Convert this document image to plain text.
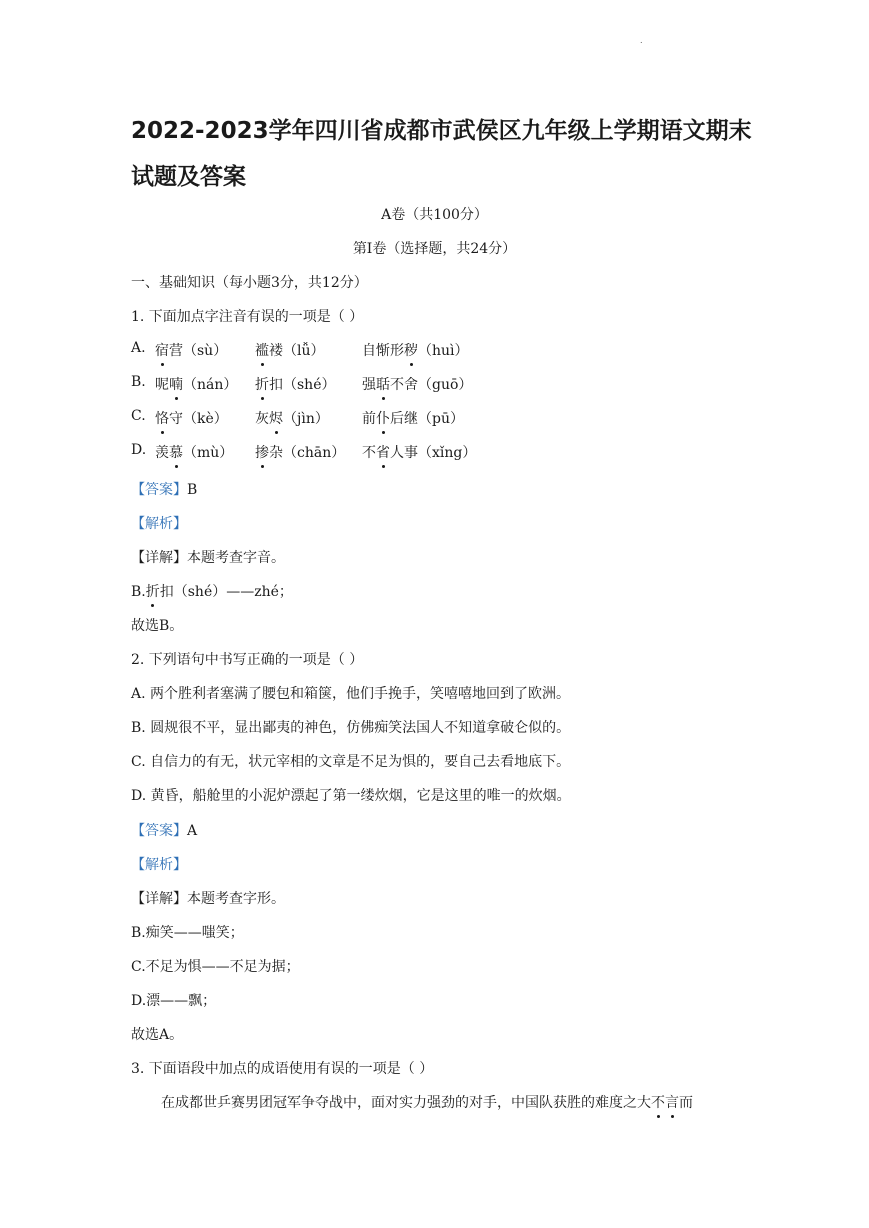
.
2022-2023学年四川省成都市武侯区九年级上学期语文期末试题及答案
A卷（共100分）
第Ⅰ卷（选择题，共24分）
一、基础知识（每小题3分，共12分）
1. 下面加点字注音有误的一项是（ ）
A. 宿营（sù） 褴褛（lǚ）	自惭形秽（huì）
B. 呢喃（nán） 折扣（shé） 强聒不舍（guō）
C. 恪守（kè） 灰烬（jìn） 前仆后继（pū）
D. 羡慕（mù） 掺杂（chān） 不省人事（xǐng）
【答案】B
【解析】
【详解】本题考查字音。
B.折扣（shé）——zhé；
故选B。
2. 下列语句中书写正确的一项是（ ）
A. 两个胜利者塞满了腰包和箱箧，他们手挽手，笑嘻嘻地回到了欧洲。
B. 圆规很不平，显出鄙夷的神色，仿佛痴笑法国人不知道拿破仑似的。
C. 自信力的有无，状元宰相的文章是不足为惧的，要自己去看地底下。
D. 黄昏，船舱里的小泥炉漂起了第一缕炊烟，它是这里的唯一的炊烟。
【答案】A
【解析】
【详解】本题考查字形。
B.痴笑——嗤笑；
C.不足为惧——不足为据；
D.漂——飘；
故选A。
3. 下面语段中加点的成语使用有误的一项是（ ）
在成都世乒赛男团冠军争夺战中，面对实力强劲的对手，中国队获胜的难度之大不言而
